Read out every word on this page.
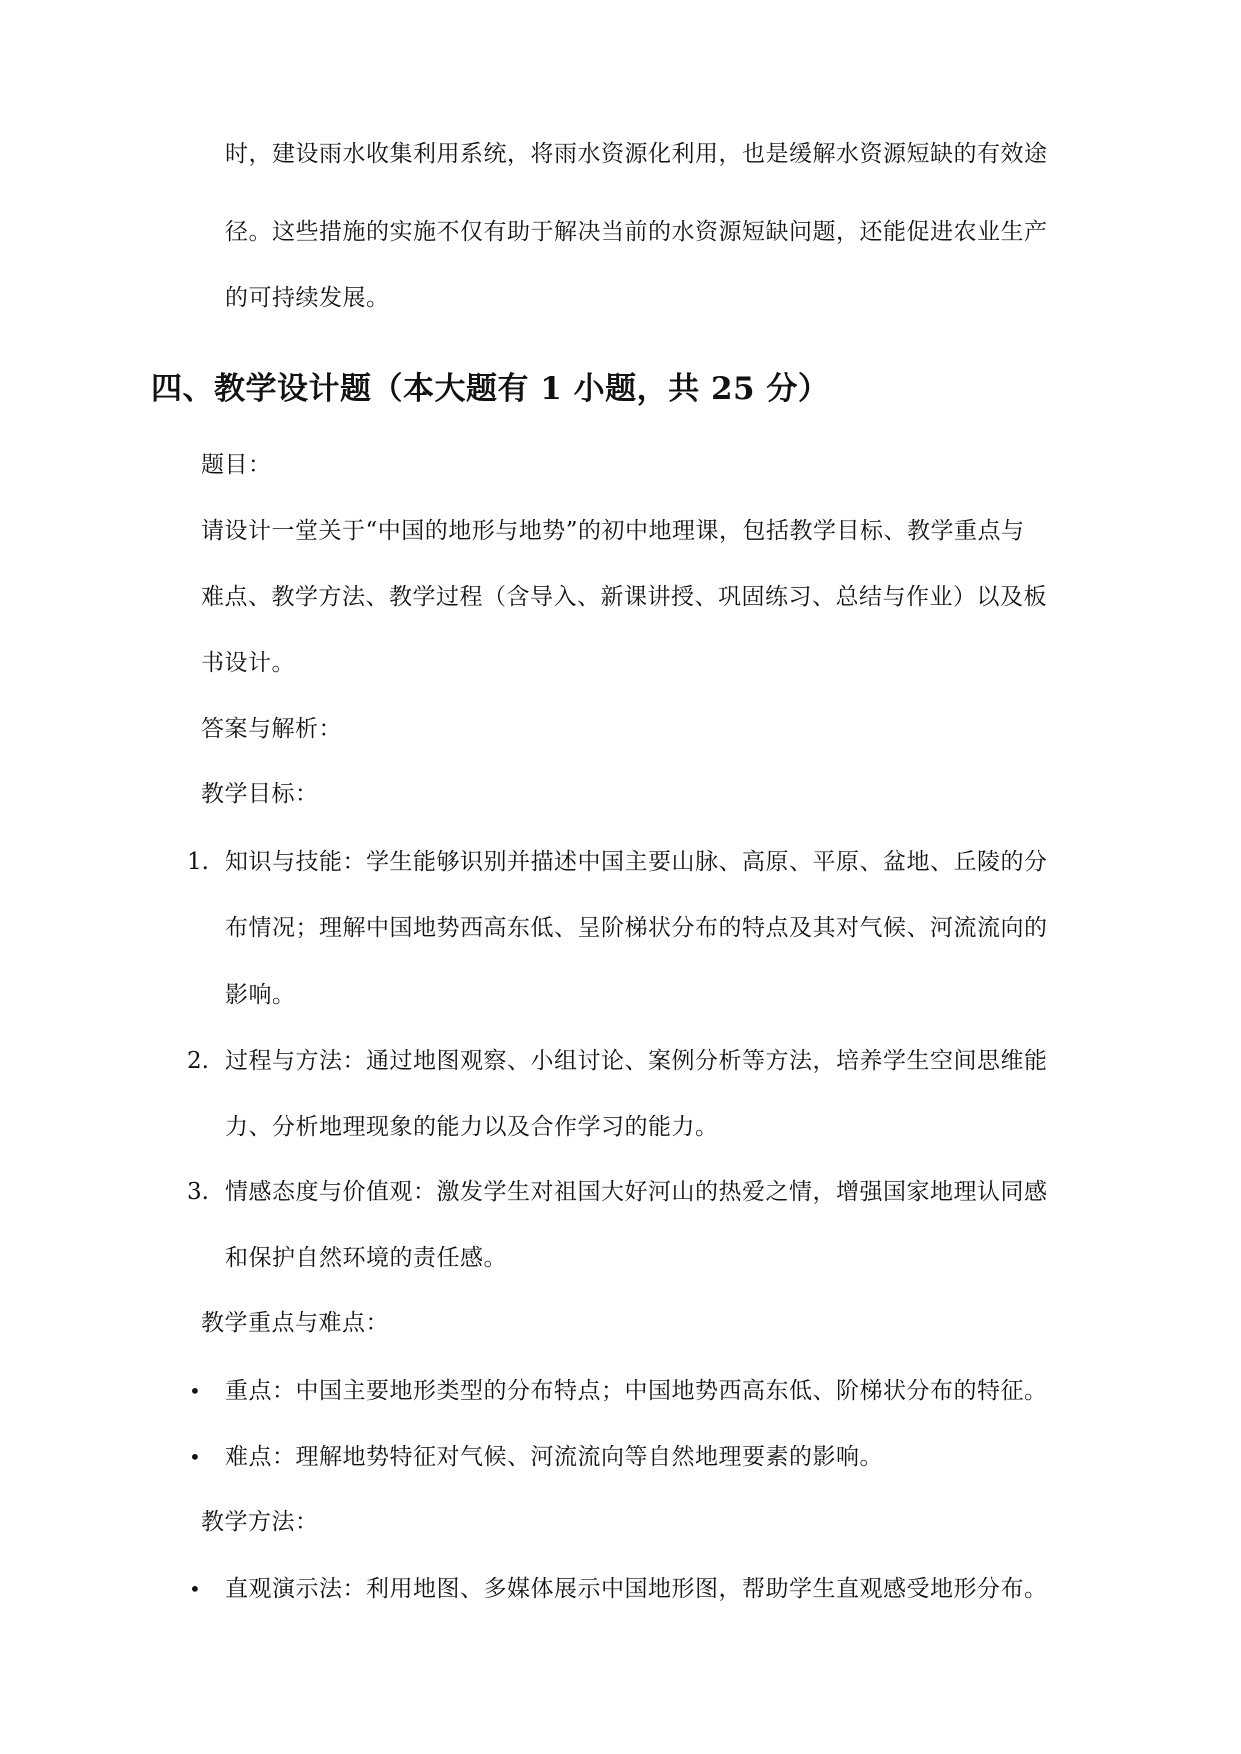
时，建设雨水收集利用系统，将雨水资源化利用，也是缓解水资源短缺的有效途
径。这些措施的实施不仅有助于解决当前的水资源短缺问题，还能促进农业生产
的可持续发展。
四、教学设计题（本大题有 1 小题，共 25 分）
题目：
请设计一堂关于“中国的地形与地势”的初中地理课，包括教学目标、教学重点与
难点、教学方法、教学过程（含导入、新课讲授、巩固练习、总结与作业）以及板
书设计。
答案与解析：
教学目标：
1. 知识与技能：学生能够识别并描述中国主要山脉、高原、平原、盆地、丘陵的分
布情况；理解中国地势西高东低、呈阶梯状分布的特点及其对气候、河流流向的
影响。
2. 过程与方法：通过地图观察、小组讨论、案例分析等方法，培养学生空间思维能
力、分析地理现象的能力以及合作学习的能力。
3. 情感态度与价值观：激发学生对祖国大好河山的热爱之情，增强国家地理认同感
和保护自然环境的责任感。
教学重点与难点：
• 重点：中国主要地形类型的分布特点；中国地势西高东低、阶梯状分布的特征。
• 难点：理解地势特征对气候、河流流向等自然地理要素的影响。
教学方法：
• 直观演示法：利用地图、多媒体展示中国地形图，帮助学生直观感受地形分布。
